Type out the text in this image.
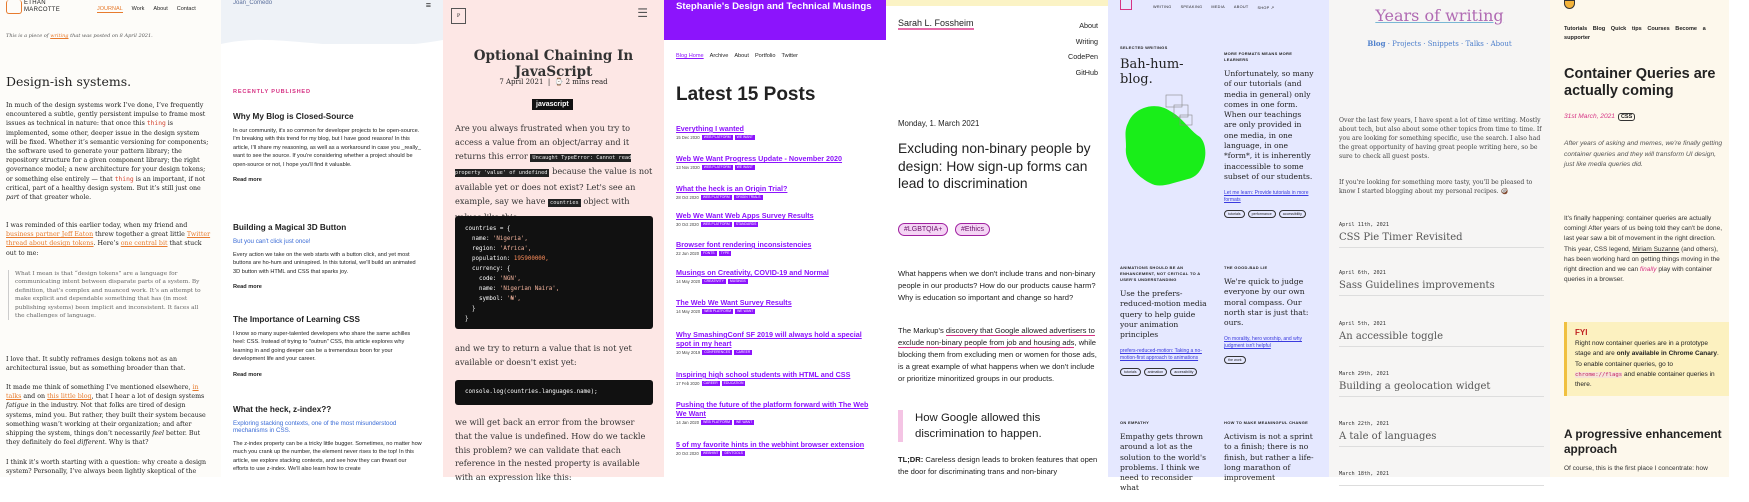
ETHAN
MARCOTTE	JOURNAL Work About Contact
This is a piece of writing that was posted on 8 April 2021.
Design-ish systems.
In much of the design systems work I’ve done, I’ve frequently encountered a subtle, gently persistent impulse to frame most issues as technical in nature: that once this thing is implemented, some other, deeper issue in the design system will be fixed. Whether it’s semantic versioning for components; the software used to generate your pattern library; the repository structure for a given component library; the right governance model; a new architecture for your design tokens; or something else entirely — that thing is an important, if not critical, part of a healthy design system. But it’s still just one part of that greater whole.
I was reminded of this earlier today, when my friend and business partner Jeff Eaton threw together a great little Twitter thread about design tokens. Here’s one central bit that stuck out to me:
What I mean is that “design tokens” are a language for communicating intent between disparate parts of a system. By definition, that’s complex and nuanced work. It’s an attempt to make explicit and dependable something that has (in most publishing systems) been implicit and inconsistent. It faces all the challenges of language.
I love that. It subtly reframes design tokens not as an architectural issue, but as something broader than that.
It made me think of something I’ve mentioned elsewhere, in talks and on this little blog, that I hear a lot of design systems fatigue in the industry. Not that folks are tired of design systems, mind you. But rather, they built their system because something wasn’t working at their organization; and after shipping the system, things don’t necessarily feel better. But they definitely do feel different. Why is that?
I think it’s worth starting with a question: why create a design system? Personally, I’ve always been lightly skeptical of the
Joan_Comedo	≡
RECENTLY PUBLISHED
Why My Blog is Closed-Source

In our community, it's so common for developer projects to be open-source. I'm breaking with this trend for my blog, but I have good reasons! In this article, I'll share my reasoning, as well as a workaround in case you _really_ want to see the source. If you're considering whether a project should be open-source or not, I hope you'll find it valuable.

Read more
Building a Magical 3D Button
But you can't click just once!

Every action we take on the web starts with a button click, and yet most buttons are ho-hum and uninspired. In this tutorial, we'll build an animated 3D button with HTML and CSS that sparks joy.

Read more
The Importance of Learning CSS

I know so many super-talented developers who share the same achilles heel: CSS. Instead of trying to "outrun" CSS, this article explores why learning in and going deeper can be a tremendous boon for your development life and your career.

Read more
What the heck, z-index??
Exploring stacking contexts, one of the most misunderstood mechanisms in CSS.

The z-index property can be a tricky little bugger. Sometimes, no matter how much you crank up the number, the element never rises to the top! In this article, we explore stacking contexts, and see how they can thwart our efforts to use z-index. We'll also learn how to create

P	☰
Optional Chaining In JavaScript
7 April 2021  |  ⌚ 2 mins read
javascript
Are you always frustrated when you try to access a value from an object/array and it returns this error Uncaught TypeError: Cannot read property 'value' of undefined because the value is not available yet or does not exist? Let's see an example, say we have countries object with
countries = {
name: 'Nigeria',
region: 'Africa',
population: 195900000,
currency: {
code: 'NGN',
name: 'Nigerian Naira',
symbol: '₦',
}
}
and we try to return a value that is not yet available or doesn't exist yet:
console.log(countries.languages.name);
we will get back an error from the browser that the value is undefined. How do we tackle this problem? we can validate that each reference in the nested property is available with an expression like this:
Stephanie's Design and Technical Musings
Blog Home Archive About Portfolio Twitter
Latest 15 Posts
Everything I wanted
15 Dec 2020	WEB PLATFORM	WE WANT
Web We Want Progress Update - November 2020
13 Nov 2020	WEB PLATFORM	WE WANT
What the heck is an Origin Trial?
28 Oct 2020	WEB PLATFORM	ORIGIN TRIALS
Web We Want Web Apps Survey Results
30 Oct 2020	WEB PLATFORM	STANDARDS
Browser font rendering inconsistencies
22 Jun 2020	FONTS	TYPE
Musings on Creativity, COVID-19 and Normal
14 May 2020	CREATIVITY	MUSINGS
The Web We Want Survey Results
14 May 2020	WEB PLATFORM	WE WANT
Why SmashingConf SF 2019 will always hold a special spot in my heart
10 May 2019	CONFERENCES	CAREER
Inspiring high school students with HTML and CSS
17 Feb 2020	CAREER	EDUCATION
Pushing the future of the platform forward with The Web We Want
14 Jan 2020	WEB PLATFORM	WE WANT
5 of my favorite hints in the webhint browser extension
20 Oct 2020	WEBHINT	DEVTOOLS
Sarah L. Fossheim	About
Writing
CodePen
GitHub
Monday, 1. March 2021
Excluding non-binary people by design: How sign-up forms can lead to discrimination
#LGBTQIA+	#Ethics
What happens when we don't include trans and non-binary people in our products? How do our products cause harm? Why is education so important and change so hard?
The Markup's discovery that Google allowed advertisers to exclude non-binary people from job and housing ads, while blocking them from excluding men or women for those ads, is a great example of what happens when we don't include or prioritize minoritized groups in our products.
How Google allowed this discrimination to happen.
TL;DR: Careless design leads to broken features that open the door for discriminating trans and non-binary
WRITING SPEAKING MEDIA ABOUT SHOP ↗
SELECTED WRITINGS
Bah-hum-blog.
MORE FORMATS MEANS MORE LEARNERS
Unfortunately, so many of our tutorials (and media in general) only comes in one form. When our teachings are only provided in one media, in one language, in one *form*, it is inherently inaccessible to some subset of our students.
Let me learn: Provide tutorials in more formats
tutorials	performance	accessibility
ANIMATIONS SHOULD BE AN ENHANCEMENT, NOT CRITICAL TO A USER'S UNDERSTANDING
Use the prefers-reduced-motion media query to help guide your animation principles
prefers-reduced-motion: Taking a no-motion-first approach to animations
tutorials	animation	accessibility
THE GOOD-BAD LIE
We're quick to judge everyone by our own moral compass. Our north star is just that: ours.
On morality, hero worship, and why judgment isn't helpful
the work
ON EMPATHY
Empathy gets thrown around a lot as the solution to the world's problems. I think we need to reconsider what
HOW TO MAKE MEANINGFUL CHANGE
Activism is not a sprint to a finish; there is no finish, but rather a life-long marathon of improvement
Years of writing
Blog · Projects · Snippets · Talks · About
Over the last few years, I have spent a lot of time writing. Mostly about tech, but also about some other topics from time to time. If you are looking for something specific, use the search. I also had the great opportunity of having great people writing here, so be sure to check all guest posts.
If you're looking for something more tasty, you'll be pleased to know I started blogging about my personal recipes. 🥥
April 11th, 2021
CSS Pie Timer Revisited
April 6th, 2021
Sass Guidelines improvements
April 5th, 2021
An accessible toggle
March 29th, 2021
Building a geolocation widget
March 22th, 2021
A tale of languages
March 18th, 2021
Tutorials Blog Quick tips Courses Become a supporter
Container Queries are actually coming
31st March, 2021 CSS
After years of asking and memes, we're finally getting container queries and they will transform UI design, just like media queries did.
It's finally happening: container queries are actually coming! After years of us being told they can't be done, last year saw a bit of movement in the right direction. This year, CSS legend, Miriam Suzanne (and others), has been working hard on getting things moving in the right direction and we can finally play with container queries in a browser.
FYI
Right now container queries are in a prototype stage and are only available in Chrome Canary. To enable container queries, go to chrome://flags and enable container queries in there.
A progressive enhancement approach
Of course, this is the first place I concentrate: how
